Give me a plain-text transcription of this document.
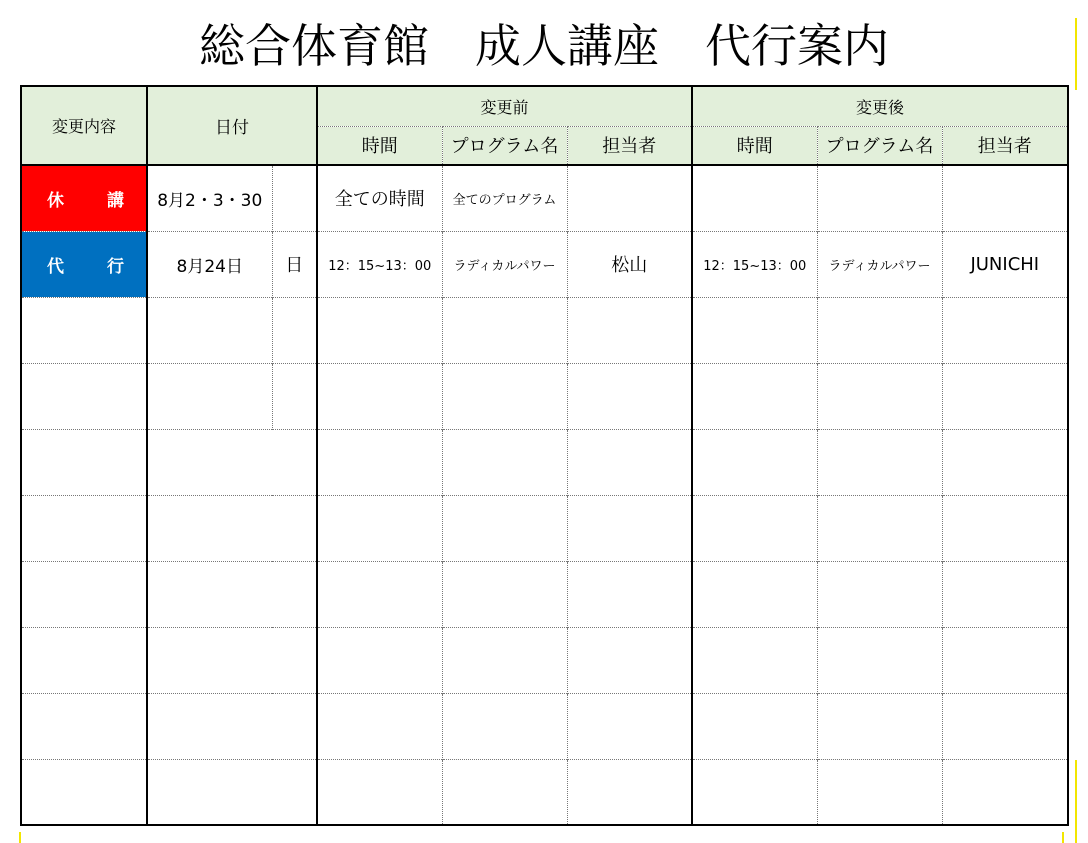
総合体育館　成人講座　代行案内
変更内容	日付		変更前			変更後		
			時間	プログラム名	担当者	時間	プログラム名	担当者
休講	8月2・3・30		全ての時間	全てのプログラム				
代行	8月24日	日	12：15~13：00	ラディカルパワー	松山	12：15~13：00	ラディカルパワー	JUNICHI
